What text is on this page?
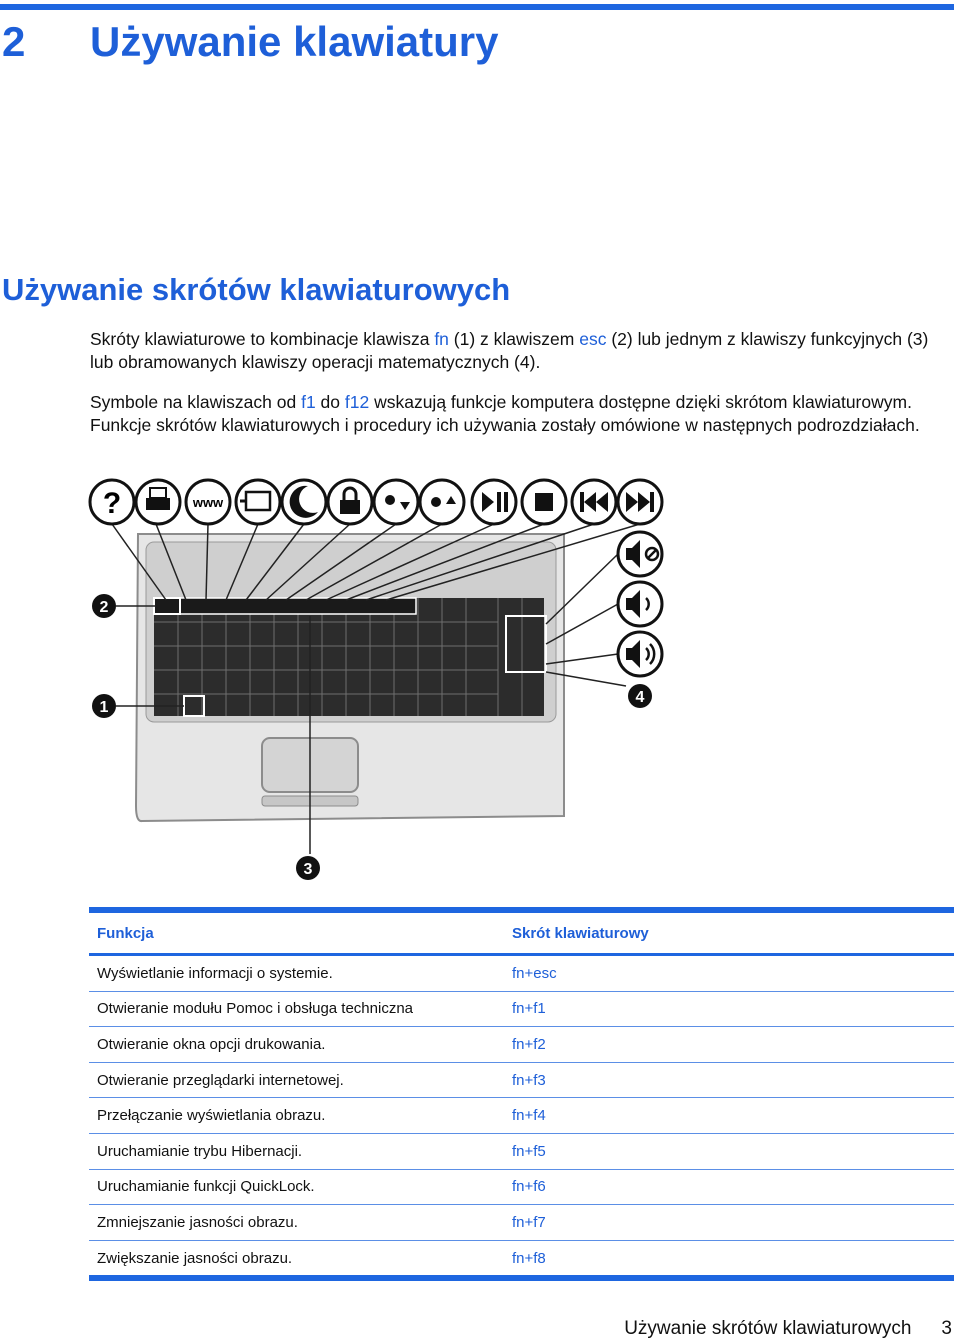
2	Używanie klawiatury
Używanie skrótów klawiaturowych
Skróty klawiaturowe to kombinacje klawisza fn (1) z klawiszem esc (2) lub jednym z klawiszy funkcyjnych (3) lub obramowanych klawiszy operacji matematycznych (4).
Symbole na klawiszach od f1 do f12 wskazują funkcje komputera dostępne dzięki skrótom klawiaturowym. Funkcje skrótów klawiaturowych i procedury ich używania zostały omówione w następnych podrozdziałach.
?	www
2
1
3
4
Funkcja	Skrót klawiaturowy
Wyświetlanie informacji o systemie.	fn+esc
Otwieranie modułu Pomoc i obsługa techniczna	fn+f1
Otwieranie okna opcji drukowania.	fn+f2
Otwieranie przeglądarki internetowej.	fn+f3
Przełączanie wyświetlania obrazu.	fn+f4
Uruchamianie trybu Hibernacji.	fn+f5
Uruchamianie funkcji QuickLock.	fn+f6
Zmniejszanie jasności obrazu.	fn+f7
Zwiększanie jasności obrazu.	fn+f8
Używanie skrótów klawiaturowych 3
